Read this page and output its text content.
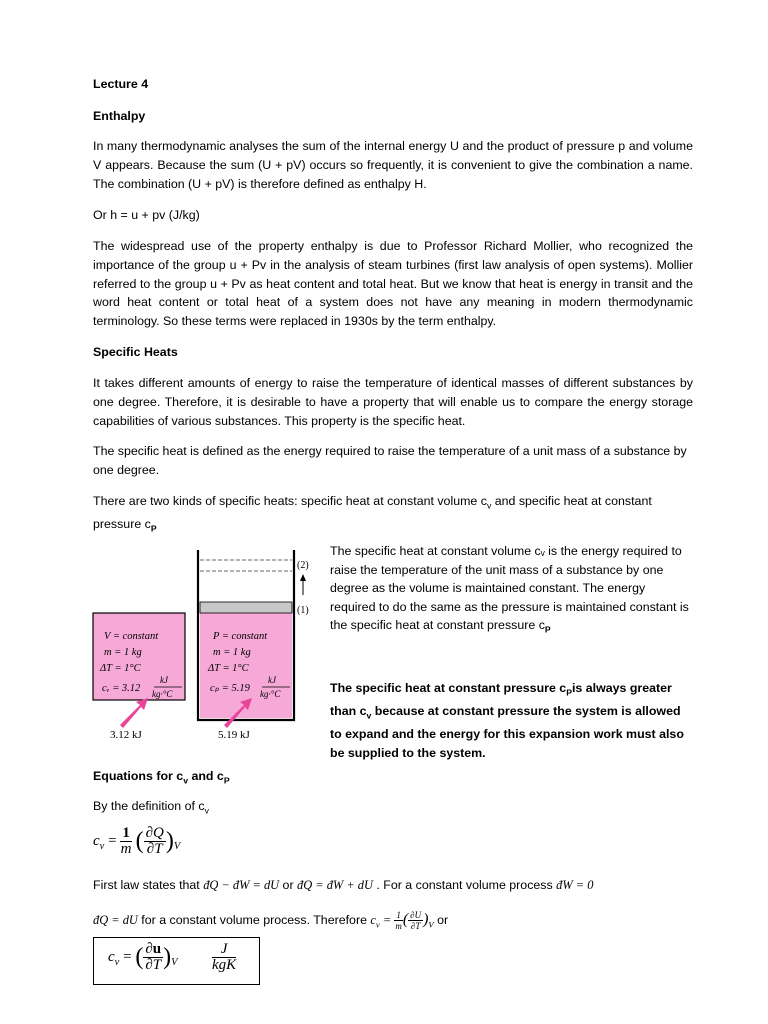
Lecture 4

Enthalpy

In many thermodynamic analyses the sum of the internal energy U and the product of pressure p and volume V appears. Because the sum (U + pV) occurs so frequently, it is convenient to give the combination a name. The combination (U + pV) is therefore defined as enthalpy H.

Or h = u + pv (J/kg)

The widespread use of the property enthalpy is due to Professor Richard Mollier, who recognized the importance of the group u + Pv in the analysis of steam turbines (first law analysis of open systems). Mollier referred to the group u + Pv as heat content and total heat. But we know that heat is energy in transit and the word heat content or total heat of a system does not have any meaning in modern thermodynamic terminology. So these terms were replaced in 1930s by the term enthalpy.

Specific Heats

It takes different amounts of energy to raise the temperature of identical masses of different substances by one degree. Therefore, it is desirable to have a property that will enable us to compare the energy storage capabilities of various substances. This property is the specific heat.

The specific heat is defined as the energy required to raise the temperature of a unit mass of a substance by one degree.

There are two kinds of specific heats: specific heat at constant volume $c_v$ and specific heat at constant pressure $c_P$

(2)
(1)
V = constant
m = 1 kg
ΔT = 1°C
cᵥ = 3.12
kJ
kg·°C
P = constant
m = 1 kg
ΔT = 1°C
cₚ = 5.19
kJ
kg·°C
3.12 kJ	5.19 kJ

The specific heat at constant volume cᵥ is the energy required to raise the temperature of the unit mass of a substance by one degree as the volume is maintained constant. The energy required to do the same as the pressure is maintained constant is the specific heat at constant pressure $c_P$

The specific heat at constant pressure $c_Pis$ always greater than $c_v$ because at constant pressure the system is allowed to expand and the energy for this expansion work must also be supplied to the system.

Equations for $c_v$ and $c_P$

By the definition of $c_v$

$c_v = \frac{1}{m}$ ( $\frac{\partial Q}{\partial T} )_V$

First law states that đQ − đW = dU or đQ = đW + dU . For a constant volume process đW = 0

đQ = dU for a constant volume process. Therefore $c_v = \frac{1}{m}$ ( $\frac{\partial U}{\partial T} )_V$ or

$c_v$ = ( $\frac{\partial u}{\partial T} )_V \frac{J}{\text{kgK}}$
